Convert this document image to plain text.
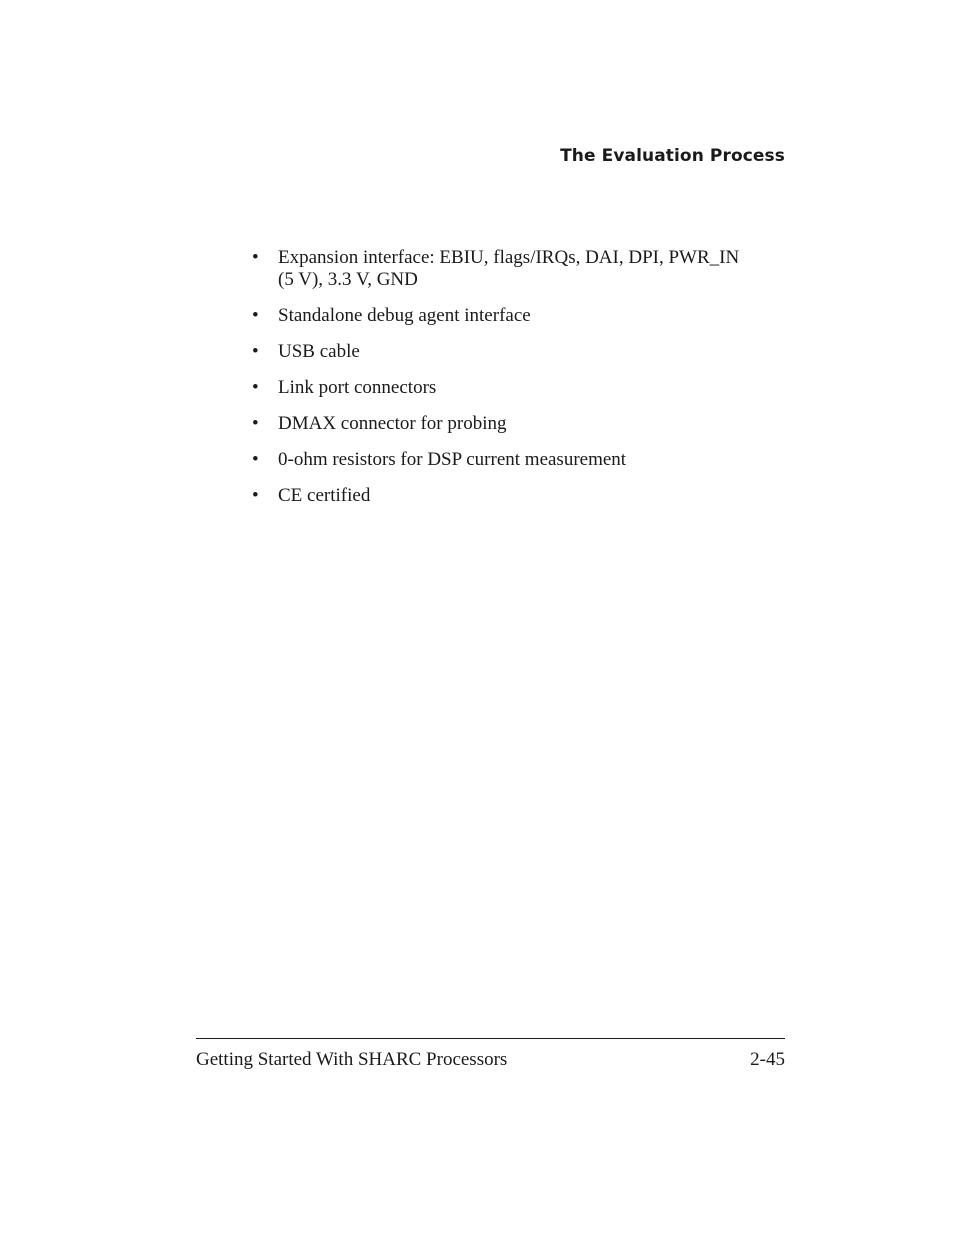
The Evaluation Process
• Expansion interface: EBIU, flags/IRQs, DAI, DPI, PWR_IN
(5 V), 3.3 V, GND
• Standalone debug agent interface
• USB cable
• Link port connectors
• DMAX connector for probing
• 0-ohm resistors for DSP current measurement
• CE certified
Getting Started With SHARC Processors	2-45
